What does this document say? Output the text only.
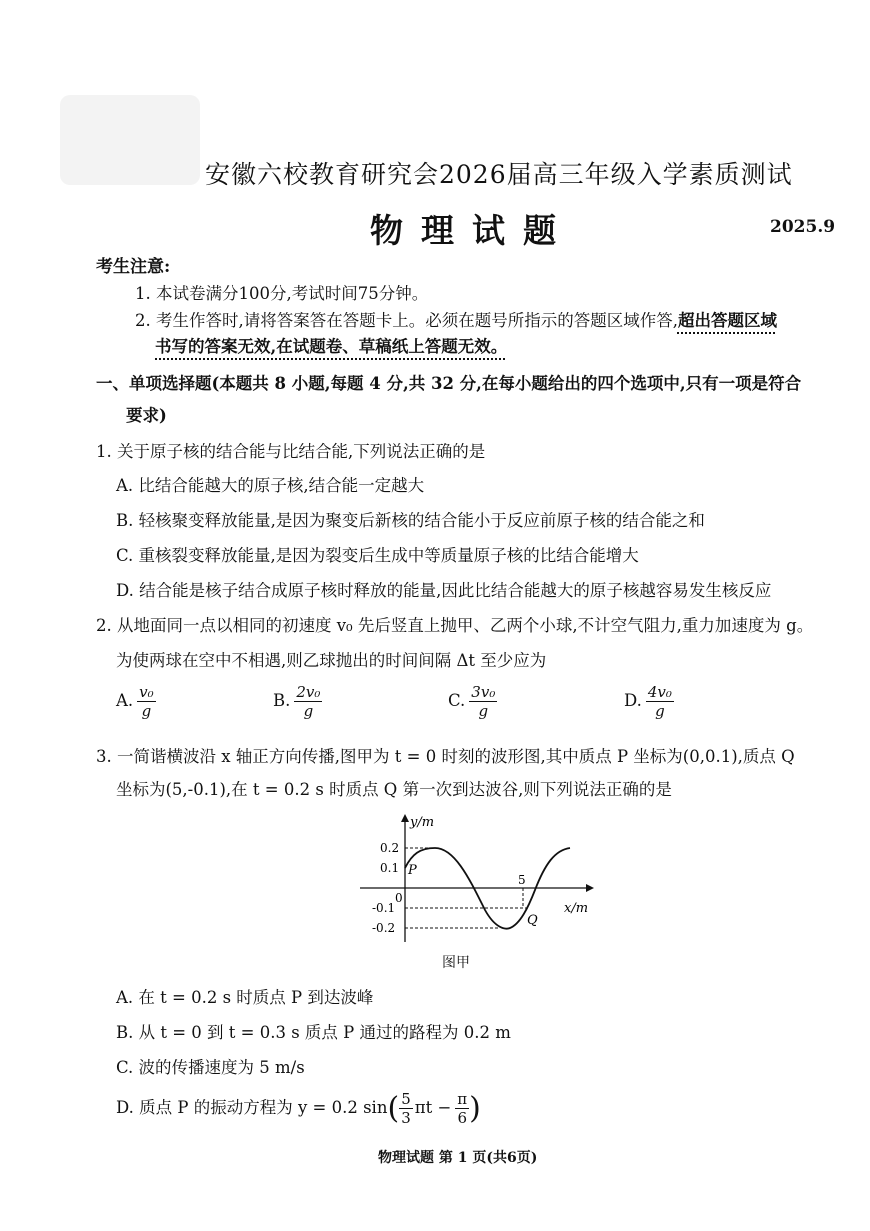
安徽六校教育研究会2026届高三年级入学素质测试
物理试题	2025.9
考生注意:
1. 本试卷满分100分,考试时间75分钟。
2. 考生作答时,请将答案答在答题卡上。必须在题号所指示的答题区域作答,超出答题区域
书写的答案无效,在试题卷、草稿纸上答题无效。
一、单项选择题(本题共 8 小题,每题 4 分,共 32 分,在每小题给出的四个选项中,只有一项是符合
要求)
1. 关于原子核的结合能与比结合能,下列说法正确的是
A. 比结合能越大的原子核,结合能一定越大
B. 轻核聚变释放能量,是因为聚变后新核的结合能小于反应前原子核的结合能之和
C. 重核裂变释放能量,是因为裂变后生成中等质量原子核的比结合能增大
D. 结合能是核子结合成原子核时释放的能量,因此比结合能越大的原子核越容易发生核反应
2. 从地面同一点以相同的初速度 v₀ 先后竖直上抛甲、乙两个小球,不计空气阻力,重力加速度为 g。
为使两球在空中不相遇,则乙球抛出的时间间隔 Δt 至少应为
A. $\frac{\text{v₀}}{g}$	B. $\frac{\text{2v₀}}{g}$	C. $\frac{\text{3v₀}}{g}$	D. $\frac{\text{4v₀}}{g}$
3. 一简谐横波沿 x 轴正方向传播,图甲为 t = 0 时刻的波形图,其中质点 P 坐标为(0,0.1),质点 Q
坐标为(5,-0.1),在 t = 0.2 s 时质点 Q 第一次到达波谷,则下列说法正确的是
y/m
x/m
0
0.2
0.1
-0.1
-0.2
5
P
Q
图甲
A. 在 t = 0.2 s 时质点 P 到达波峰
B. 从 t = 0 到 t = 0.3 s 质点 P 通过的路程为 0.2 m
C. 波的传播速度为 5 m/s
D. 质点 P 的振动方程为 y = 0.2 $\sin( \frac{5}{3}$ $\pi t - \frac{\pi}{6}$ )
物理试题 第 1 页(共6页)
